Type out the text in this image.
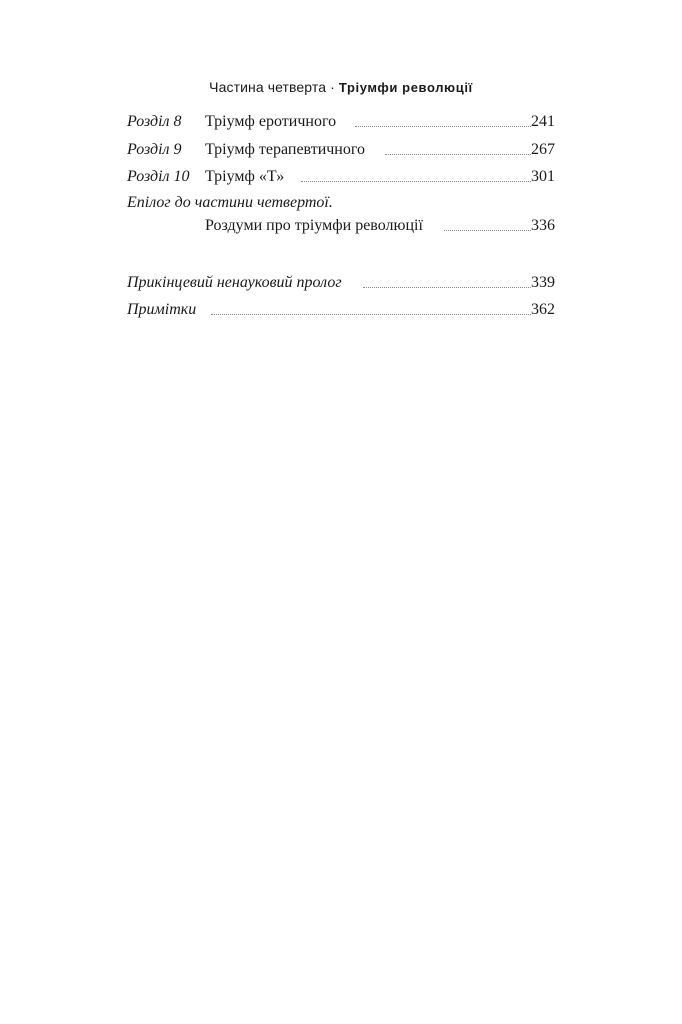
Частина четверта · Тріумфи революції
Розділ 8 Тріумф еротичного	241
Розділ 9 Тріумф терапевтичного	267
Розділ 10 Тріумф «Т»	301
Епілог до частини четвертої.
Роздуми про тріумфи революції	336
Прикінцевий ненауковий пролог	339
Примітки	362
